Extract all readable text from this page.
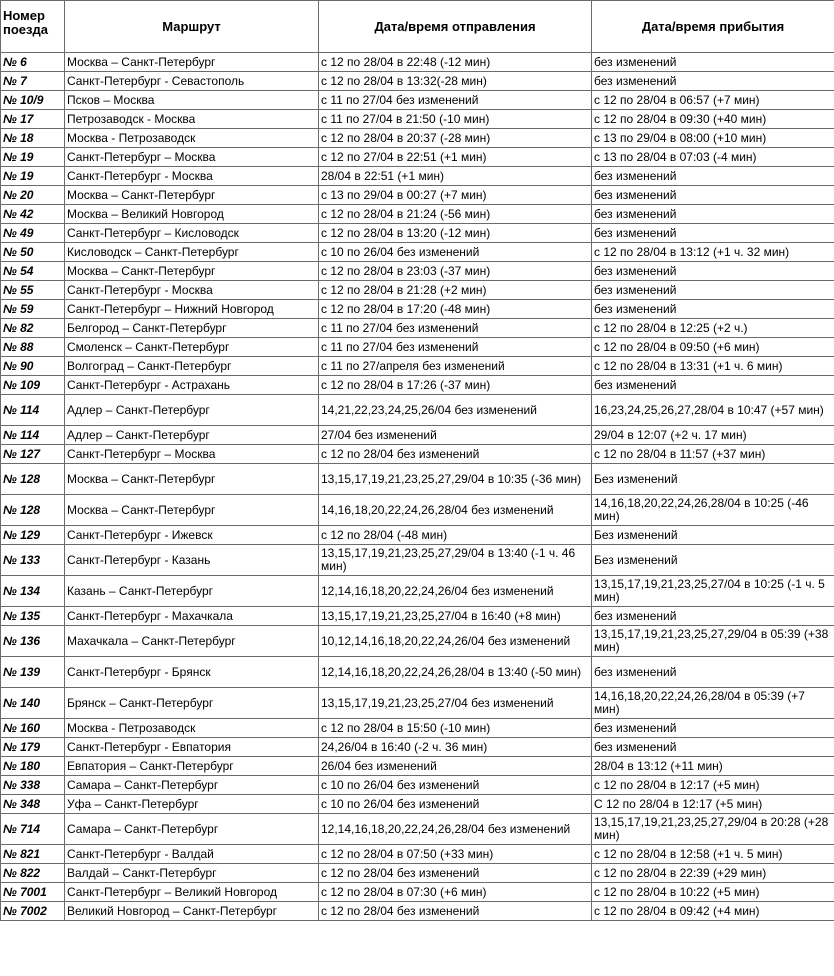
Номер поезда	Маршрут	Дата/время отправления	Дата/время прибытия
№ 6	Москва – Санкт-Петербург	с 12 по 28/04 в 22:48 (-12 мин)	без изменений
№ 7	Санкт-Петербург - Севастополь	с 12 по 28/04 в 13:32(-28 мин)	без изменений
№ 10/9	Псков – Москва	с 11 по 27/04 без изменений	с 12 по 28/04 в 06:57 (+7 мин)
№ 17	Петрозаводск - Москва	с 11 по 27/04 в 21:50 (-10 мин)	с 12 по 28/04 в 09:30 (+40 мин)
№ 18	Москва - Петрозаводск	с 12 по 28/04 в 20:37 (-28 мин)	с 13 по 29/04 в 08:00 (+10 мин)
№ 19	Санкт-Петербург – Москва	с 12 по 27/04 в 22:51 (+1 мин)	с 13 по 28/04 в 07:03 (-4 мин)
№ 19	Санкт-Петербург - Москва	28/04 в 22:51 (+1 мин)	без изменений
№ 20	Москва – Санкт-Петербург	с 13 по 29/04 в 00:27 (+7 мин)	без изменений
№ 42	Москва – Великий Новгород	с 12 по 28/04 в 21:24 (-56 мин)	без изменений
№ 49	Санкт-Петербург – Кисловодск	с 12 по 28/04 в 13:20 (-12 мин)	без изменений
№ 50	Кисловодск – Санкт-Петербург	с 10 по 26/04 без изменений	с 12 по 28/04 в 13:12 (+1 ч. 32 мин)
№ 54	Москва – Санкт-Петербург	с 12 по 28/04 в 23:03 (-37 мин)	без изменений
№ 55	Санкт-Петербург - Москва	с 12 по 28/04 в 21:28 (+2 мин)	без изменений
№ 59	Санкт-Петербург – Нижний Новгород	с 12 по 28/04 в 17:20 (-48 мин)	без изменений
№ 82	Белгород – Санкт-Петербург	с 11 по 27/04 без изменений	с 12 по 28/04 в 12:25 (+2 ч.)
№ 88	Смоленск – Санкт-Петербург	с 11 по 27/04 без изменений	с 12 по 28/04 в 09:50 (+6 мин)
№ 90	Волгоград – Санкт-Петербург	с 11 по 27/апреля без изменений	с 12 по 28/04 в 13:31 (+1 ч. 6 мин)
№ 109	Санкт-Петербург - Астрахань	с 12 по 28/04 в 17:26 (-37 мин)	без изменений
№ 114	Адлер – Санкт-Петербург	14,21,22,23,24,25,26/04 без изменений	16,23,24,25,26,27,28/04 в 10:47 (+57 мин)
№ 114	Адлер – Санкт-Петербург	27/04 без изменений	29/04 в 12:07 (+2 ч. 17 мин)
№ 127	Санкт-Петербург – Москва	с 12 по 28/04 без изменений	с 12 по 28/04 в 11:57 (+37 мин)
№ 128	Москва – Санкт-Петербург	13,15,17,19,21,23,25,27,29/04 в 10:35 (-36 мин)	Без изменений
№ 128	Москва – Санкт-Петербург	14,16,18,20,22,24,26,28/04 без изменений	14,16,18,20,22,24,26,28/04 в 10:25 (-46 мин)
№ 129	Санкт-Петербург - Ижевск	с 12 по 28/04 (-48 мин)	Без изменений
№ 133	Санкт-Петербург - Казань	13,15,17,19,21,23,25,27,29/04 в 13:40 (-1 ч. 46 мин)	Без изменений
№ 134	Казань – Санкт-Петербург	12,14,16,18,20,22,24,26/04 без изменений	13,15,17,19,21,23,25,27/04 в 10:25 (-1 ч. 5 мин)
№ 135	Санкт-Петербург - Махачкала	13,15,17,19,21,23,25,27/04 в 16:40 (+8 мин)	без изменений
№ 136	Махачкала – Санкт-Петербург	10,12,14,16,18,20,22,24,26/04 без изменений	13,15,17,19,21,23,25,27,29/04 в 05:39 (+38 мин)
№ 139	Санкт-Петербург - Брянск	12,14,16,18,20,22,24,26,28/04 в 13:40 (-50 мин)	без изменений
№ 140	Брянск – Санкт-Петербург	13,15,17,19,21,23,25,27/04 без изменений	14,16,18,20,22,24,26,28/04 в 05:39 (+7 мин)
№ 160	Москва - Петрозаводск	с 12 по 28/04 в 15:50 (-10 мин)	без изменений
№ 179	Санкт-Петербург - Евпатория	24,26/04 в 16:40 (-2 ч. 36 мин)	без изменений
№ 180	Евпатория – Санкт-Петербург	26/04 без изменений	28/04 в 13:12 (+11 мин)
№ 338	Самара – Санкт-Петербург	с 10 по 26/04 без изменений	с 12 по 28/04 в 12:17 (+5 мин)
№ 348	Уфа – Санкт-Петербург	с 10 по 26/04 без изменений	С 12 по 28/04 в 12:17 (+5 мин)
№ 714	Самара – Санкт-Петербург	12,14,16,18,20,22,24,26,28/04 без изменений	13,15,17,19,21,23,25,27,29/04 в 20:28 (+28 мин)
№ 821	Санкт-Петербург - Валдай	с 12 по 28/04 в 07:50 (+33 мин)	с 12 по 28/04 в 12:58 (+1 ч. 5 мин)
№ 822	Валдай – Санкт-Петербург	с 12 по 28/04 без изменений	с 12 по 28/04 в 22:39 (+29 мин)
№ 7001	Санкт-Петербург – Великий Новгород	с 12 по 28/04 в 07:30 (+6 мин)	с 12 по 28/04 в 10:22 (+5 мин)
№ 7002	Великий Новгород – Санкт-Петербург	с 12 по 28/04 без изменений	с 12 по 28/04 в 09:42 (+4 мин)
